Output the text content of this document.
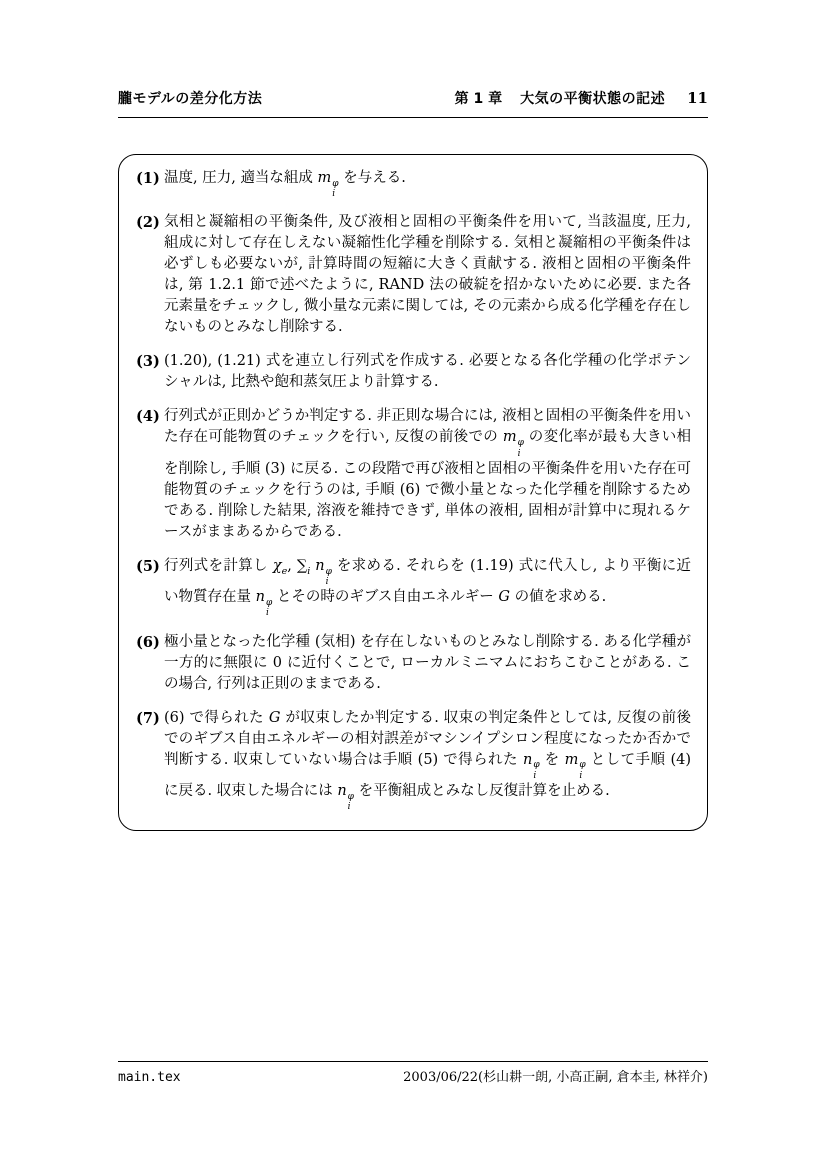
朧モデルの差分化方法	第 1 章 大気の平衡状態の記述 11
(1) 温度, 圧力, 適当な組成 m φ
i
を与える.
(2) 気相と凝縮相の平衡条件, 及び液相と固相の平衡条件を用いて, 当該温度, 圧力, 組成に対して存在しえない凝縮性化学種を削除する. 気相と凝縮相の平衡条件は必ずしも必要ないが, 計算時間の短縮に大きく貢献する. 液相と固相の平衡条件は, 第 1.2.1 節で述べたように, RAND 法の破綻を招かないために必要. また各元素量をチェックし, 微小量な元素に関しては, その元素から成る化学種を存在しないものとみなし削除する.
(3) (1.20), (1.21) 式を連立し行列式を作成する. 必要となる各化学種の化学ポテンシャルは, 比熱や飽和蒸気圧より計算する.
(4) 行列式が正則かどうか判定する. 非正則な場合には, 液相と固相の平衡条件を用いた存在可能物質のチェックを行い, 反復の前後での m φ
i
の変化率が最も大きい相を削除し, 手順 (3) に戻る. この段階で再び液相と固相の平衡条件を用いた存在可能物質のチェックを行うのは, 手順 (6) で微小量となった化学種を削除するためである. 削除した結果, 溶液を維持できず, 単体の液相, 固相が計算中に現れるケースがままあるからである.
(5) 行列式を計算し $\chi_e$, $\sum_i$ n φ
i
を求める. それらを (1.19) 式に代入し, より平衡に近い物質存在量 n φ
i
とその時のギブス自由エネルギー G の値を求める.
(6) 極小量となった化学種 (気相) を存在しないものとみなし削除する. ある化学種が一方的に無限に 0 に近付くことで, ローカルミニマムにおちこむことがある. この場合, 行列は正則のままである.
(7) (6) で得られた G が収束したか判定する. 収束の判定条件としては, 反復の前後でのギブス自由エネルギーの相対誤差がマシンイプシロン程度になったか否かで判断する. 収束していない場合は手順 (5) で得られた n φ
i
を m φ
i
として手順 (4) に戻る. 収束した場合には n φ
i
を平衡組成とみなし反復計算を止める.
main.tex	2003/06/22(杉山耕一朗, 小高正嗣, 倉本圭, 林祥介)
